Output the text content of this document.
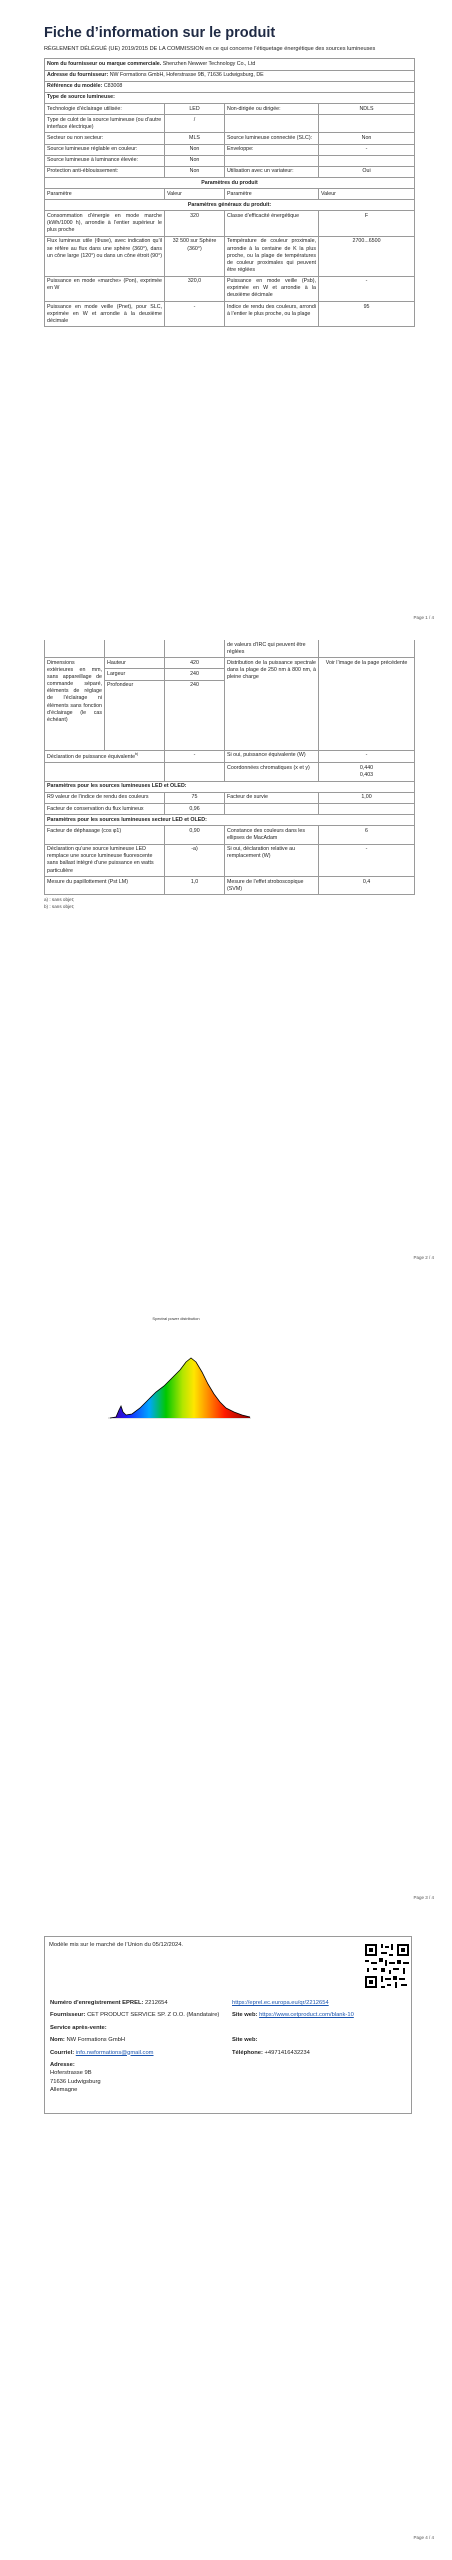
Fiche d’information sur le produit
RÈGLEMENT DÉLÉGUÉ (UE) 2019/2015 DE LA COMMISSION en ce qui concerne l’étiquetage énergétique des sources lumineuses
Nom du fournisseur ou marque commerciale. Shenzhen Newwer Technology Co., Ltd			
Adresse du fournisseur: NW Formations GmbH, Hoferstrasse 9B, 71636 Ludwigsburg, DE			
Référence du modèle: C83008			
Type de source lumineuse:			
Technologie d’éclairage utilisée:	LED	Non-dirigée ou dirigée:	NDLS
Type de culot de la source lumineuse (ou d’autre interface électrique)	/		
Secteur ou non secteur:	MLS	Source lumineuse connectée (SLC):	Non
Source lumineuse réglable en couleur:	Non	Enveloppe:	-
Source lumineuse à luminance élevée:	Non		
Protection anti-éblouissement:	Non	Utilisation avec un variateur:	Oui
Paramètres du produit			
Paramètre	Valeur	Paramètre	Valeur
Paramètres généraux du produit:			
Consommation d’énergie en mode marche (kWh/1000 h), arrondie à l’entier supérieur le plus proche	320	Classe d’efficacité énergétique	F
Flux lumineux utile (Φuse), avec indication qu’il se réfère au flux dans une sphère (360°), dans un cône large (120°) ou dans un cône étroit (90°)	32 500 sur Sphère (360°)	Température de couleur proximale, arrondie à la centaine de K la plus proche, ou la plage de températures de couleur proximales qui peuvent être réglées	2700...6500
Puissance en mode «marche» (Pon), exprimée en W	320,0	Puissance en mode veille (Psb), exprimée en W et arrondie à la deuxième décimale	-
Puissance en mode veille (Pnet), pour SLC, exprimée en W et arrondie à la deuxième décimale	-	Indice de rendu des couleurs, arrondi à l’entier le plus proche, ou la plage	95
Page 1 / 4
			de valeurs d’IRC qui peuvent être réglées	
Dimensions extérieures en mm, sans appareillage de commande séparé, éléments de réglage de l’éclairage ni éléments sans fonction d’éclairage (le cas échéant)	Hauteur	420	Distribution de la puissance spectrale dans la plage de 250 nm à 800 nm, à pleine charge	Voir l’image de la page précédente
	Largeur	240		
	Profondeur	240		
Déclaration de puissance équivalente$^{b)}$		-	Si oui, puissance équivalente (W)	-
			Coordonnées chromatiques (x et y)	0,440
0,403

Paramètres pour les sources lumineuses LED et OLED:				
R9 valeur de l’indice de rendu des couleurs		75	Facteur de survie	1,00
Facteur de conservation du flux lumineux		0,96		
Paramètres pour les sources lumineuses secteur LED et OLED:				
Facteur de déphasage (cos φ1)		0,90	Constance des couleurs dans les ellipses de MacAdam	6
Déclaration qu’une source lumineuse LED remplace une source lumineuse fluorescente sans ballast intégré d’une puissance en watts particulière		-a)	Si oui, déclaration relative au remplacement (W)	-
Mesure du papillottement (Pst LM)		1,0	Mesure de l’effet stroboscopique (SVM)	0,4
a) : sans objet;
b) : sans objet;
Page 2 / 4
Spectral power distribution
Page 3 / 4
Modèle mis sur le marché de l’Union du 05/12/2024.
Numéro d’enregistrement EPREL: 2212654	https://eprel.ec.europa.eu/qr/2212654
Fournisseur: CET PRODUCT SERVICE SP. Z O.O. (Mandataire)	Site web: https://www.cetproduct.com/blank-10
Service après-vente:	
Nom: NW Formations GmbH	Site web:
Courriel: info.nwformations@gmail.com	Téléphone: +4971416432234

Adresse:
Hoferstrasse 9B
71636 Ludwigsburg
Allemagne	
Page 4 / 4
